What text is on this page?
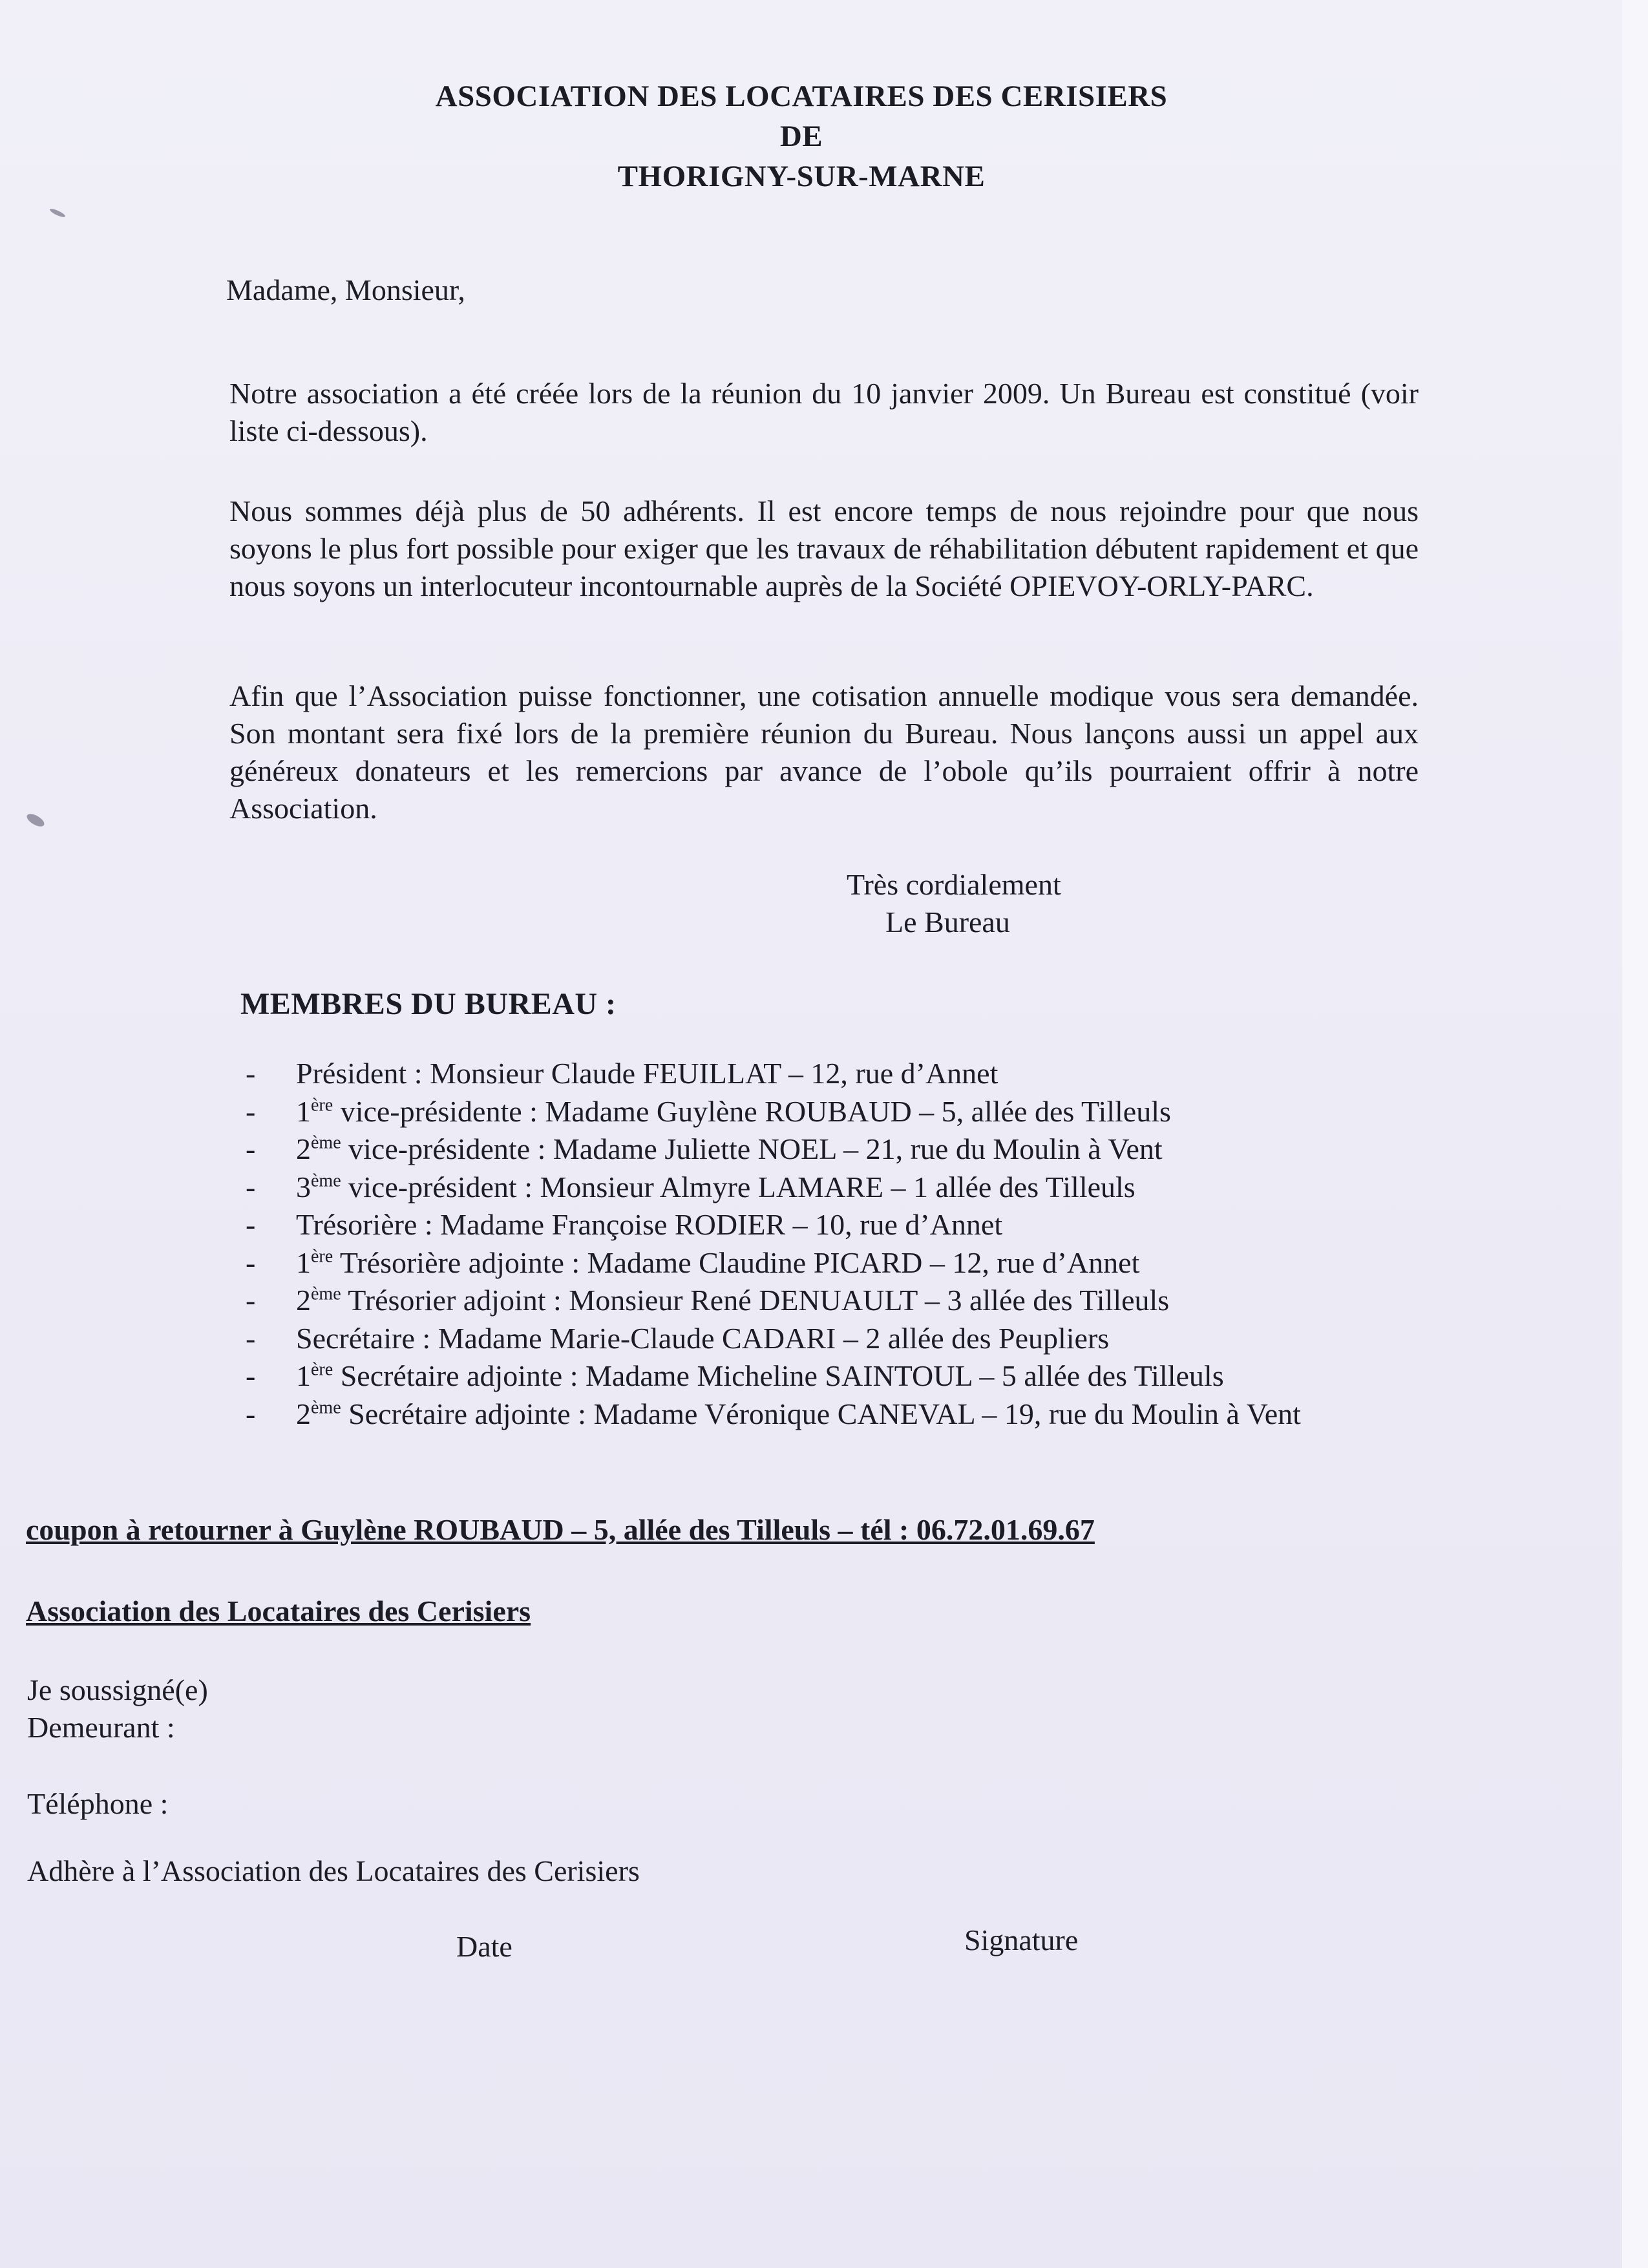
ASSOCIATION DES LOCATAIRES DES CERISIERS
DE
THORIGNY-SUR-MARNE
Madame, Monsieur,
Notre association a été créée lors de la réunion du 10 janvier 2009. Un Bureau est constitué (voir liste ci-dessous).
Nous sommes déjà plus de 50 adhérents. Il est encore temps de nous rejoindre pour que nous soyons le plus fort possible pour exiger que les travaux de réhabilitation débutent rapidement et que nous soyons un interlocuteur incontournable auprès de la Société OPIEVOY-ORLY-PARC.
Afin que l’Association puisse fonctionner, une cotisation annuelle modique vous sera demandée. Son montant sera fixé lors de la première réunion du Bureau. Nous lançons aussi un appel aux généreux donateurs et les remercions par avance de l’obole qu’ils pourraient offrir à notre Association.
Très cordialement
Le Bureau
MEMBRES DU BUREAU :
- Président : Monsieur Claude FEUILLAT – 12, rue d’Annet
- 1ère vice-présidente : Madame Guylène ROUBAUD – 5, allée des Tilleuls
- 2ème vice-présidente : Madame Juliette NOEL – 21, rue du Moulin à Vent
- 3ème vice-président : Monsieur Almyre LAMARE – 1 allée des Tilleuls
- Trésorière : Madame Françoise RODIER – 10, rue d’Annet
- 1ère Trésorière adjointe : Madame Claudine PICARD – 12, rue d’Annet
- 2ème Trésorier adjoint : Monsieur René DENUAULT – 3 allée des Tilleuls
- Secrétaire : Madame Marie-Claude CADARI – 2 allée des Peupliers
- 1ère Secrétaire adjointe : Madame Micheline SAINTOUL – 5 allée des Tilleuls
- 2ème Secrétaire adjointe : Madame Véronique CANEVAL – 19, rue du Moulin à Vent
coupon à retourner à Guylène ROUBAUD – 5, allée des Tilleuls – tél : 06.72.01.69.67
Association des Locataires des Cerisiers
Je soussigné(e)
Demeurant :
Téléphone :
Adhère à l’Association des Locataires des Cerisiers
Date	Signature
